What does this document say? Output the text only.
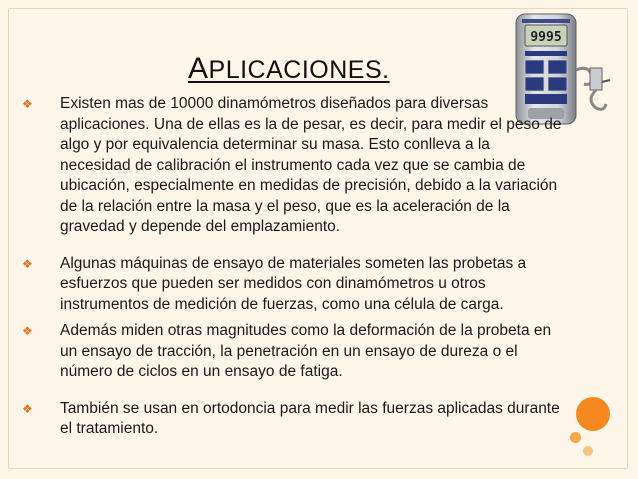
APLICACIONES.
9995
❖ Existen mas de 10000 dinamómetros diseñados para diversas aplicaciones. Una de ellas es la de pesar, es decir, para medir el peso de algo y por equivalencia determinar su masa. Esto conlleva a la necesidad de calibración el instrumento cada vez que se cambia de ubicación, especialmente en medidas de precisión, debido a la variación de la relación entre la masa y el peso, que es la aceleración de la gravedad y depende del emplazamiento.
❖ Algunas máquinas de ensayo de materiales someten las probetas a esfuerzos que pueden ser medidos con dinamómetros u otros instrumentos de medición de fuerzas, como una célula de carga.
❖ Además miden otras magnitudes como la deformación de la probeta en un ensayo de tracción, la penetración en un ensayo de dureza o el número de ciclos en un ensayo de fatiga.
❖ También se usan en ortodoncia para medir las fuerzas aplicadas durante el tratamiento.
